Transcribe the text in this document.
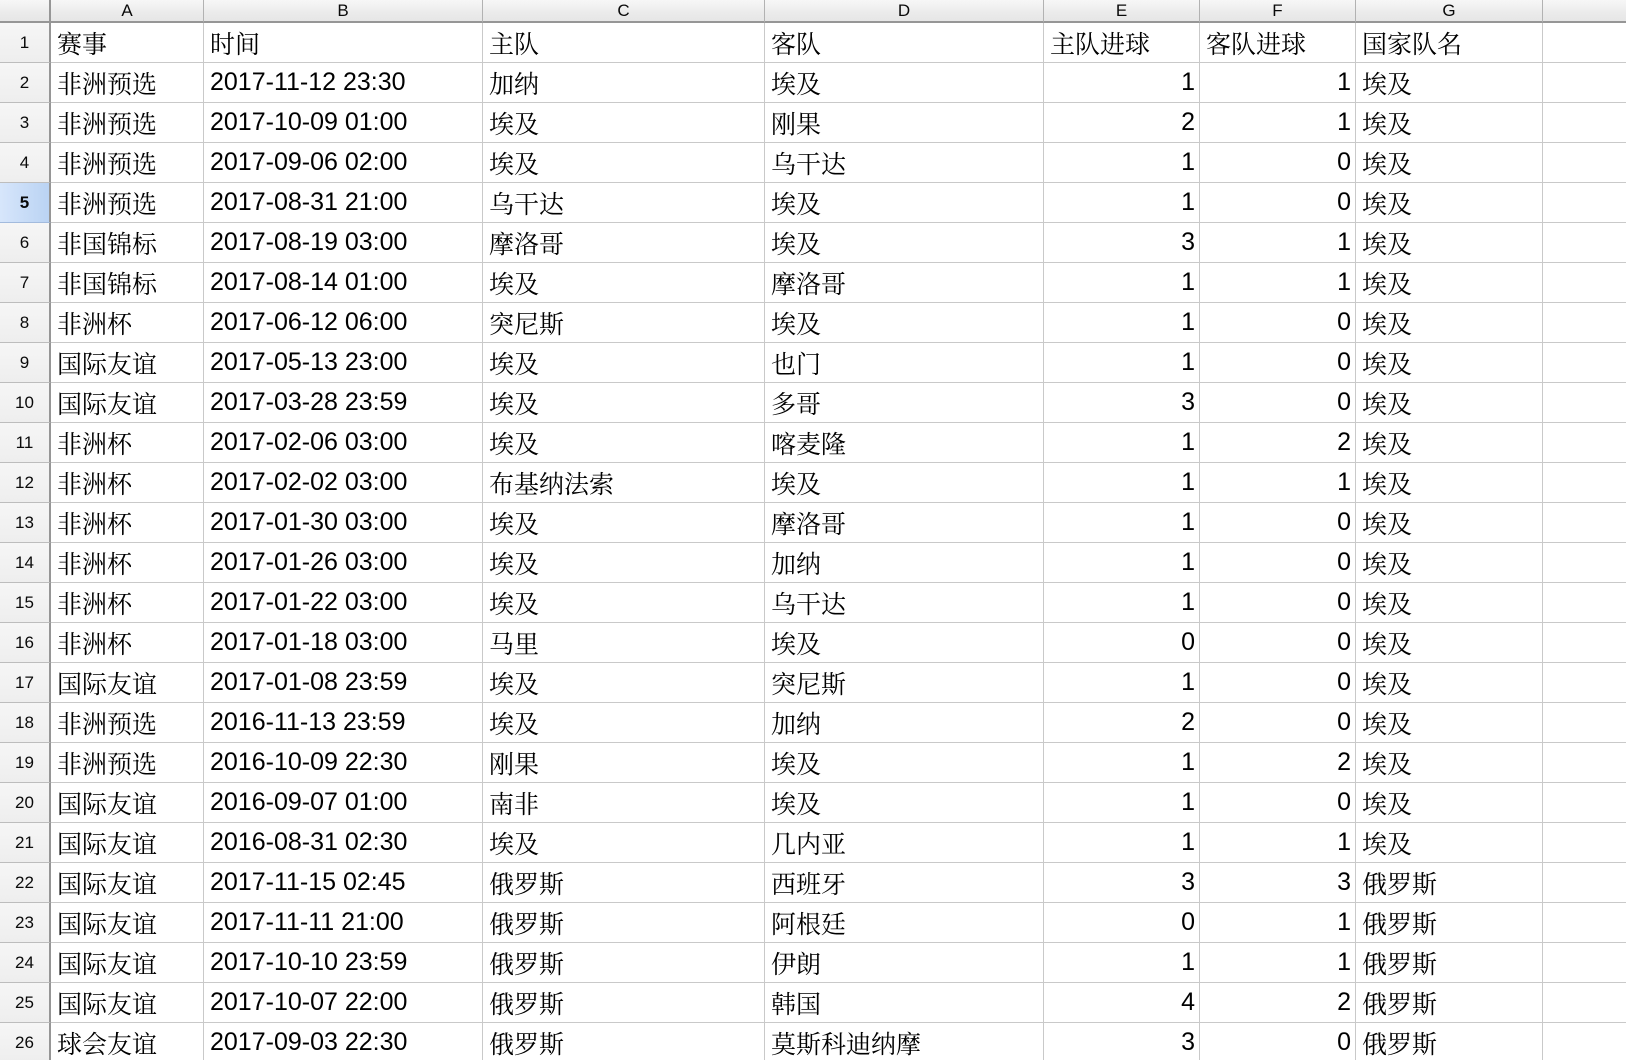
A	B	C	D	E	F	G
1	赛事	时间	主队	客队	主队进球	客队进球	国家队名
2	非洲预选	2017-11-12 23:30	加纳	埃及	1	1 埃及
3	非洲预选	2017-10-09 01:00	埃及	刚果	2	1 埃及
4	非洲预选	2017-09-06 02:00	埃及	乌干达	1	0 埃及
5	非洲预选	2017-08-31 21:00	乌干达	埃及	1	0 埃及
6	非国锦标	2017-08-19 03:00	摩洛哥	埃及	3	1 埃及
7	非国锦标	2017-08-14 01:00	埃及	摩洛哥	1	1 埃及
8	非洲杯	2017-06-12 06:00	突尼斯	埃及	1	0 埃及
9	国际友谊	2017-05-13 23:00	埃及	也门	1	0 埃及
10 国际友谊	2017-03-28 23:59	埃及	多哥	3	0 埃及
11 非洲杯	2017-02-06 03:00	埃及	喀麦隆	1	2 埃及
12 非洲杯	2017-02-02 03:00	布基纳法索	埃及	1	1 埃及
13 非洲杯	2017-01-30 03:00	埃及	摩洛哥	1	0 埃及
14 非洲杯	2017-01-26 03:00	埃及	加纳	1	0 埃及
15 非洲杯	2017-01-22 03:00	埃及	乌干达	1	0 埃及
16 非洲杯	2017-01-18 03:00	马里	埃及	0	0 埃及
17 国际友谊	2017-01-08 23:59	埃及	突尼斯	1	0 埃及
18 非洲预选	2016-11-13 23:59	埃及	加纳	2	0 埃及
19 非洲预选	2016-10-09 22:30	刚果	埃及	1	2 埃及
20 国际友谊	2016-09-07 01:00	南非	埃及	1	0 埃及
21 国际友谊	2016-08-31 02:30	埃及	几内亚	1	1 埃及
22 国际友谊	2017-11-15 02:45	俄罗斯	西班牙	3	3 俄罗斯
23 国际友谊	2017-11-11 21:00	俄罗斯	阿根廷	0	1 俄罗斯
24 国际友谊	2017-10-10 23:59	俄罗斯	伊朗	1	1 俄罗斯
25 国际友谊	2017-10-07 22:00	俄罗斯	韩国	4	2 俄罗斯
26 球会友谊	2017-09-03 22:30	俄罗斯	莫斯科迪纳摩	3	0 俄罗斯
